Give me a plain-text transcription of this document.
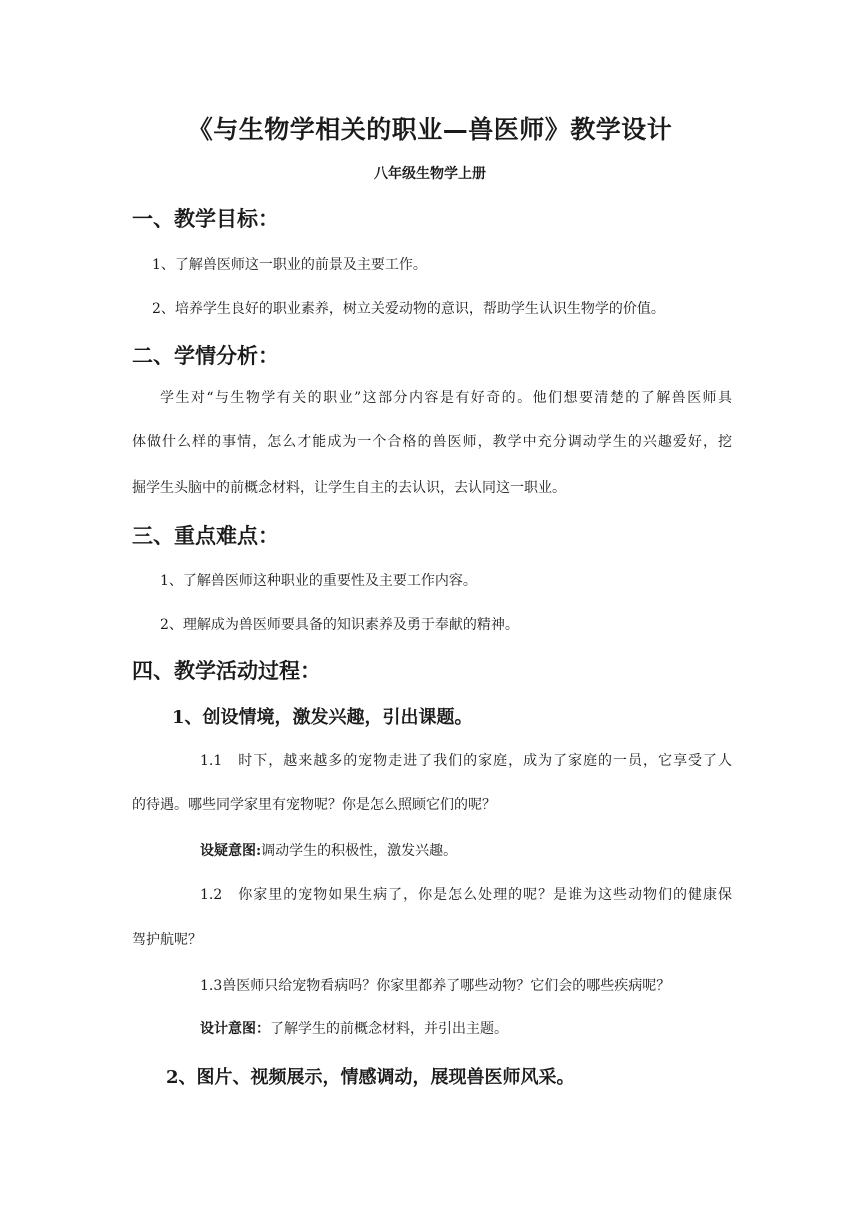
《与生物学相关的职业—兽医师》教学设计
八年级生物学上册
一、教学目标：
1、了解兽医师这一职业的前景及主要工作。
2、培养学生良好的职业素养，树立关爱动物的意识，帮助学生认识生物学的价值。
二、学情分析：
学生对“与生物学有关的职业”这部分内容是有好奇的。他们想要清楚的了解兽医师具
体做什么样的事情，怎么才能成为一个合格的兽医师，教学中充分调动学生的兴趣爱好，挖
掘学生头脑中的前概念材料，让学生自主的去认识，去认同这一职业。
三、重点难点：
1、了解兽医师这种职业的重要性及主要工作内容。
2、理解成为兽医师要具备的知识素养及勇于奉献的精神。
四、教学活动过程：
1、创设情境，激发兴趣，引出课题。
1.1　时下，越来越多的宠物走进了我们的家庭，成为了家庭的一员，它享受了人
的待遇。哪些同学家里有宠物呢？你是怎么照顾它们的呢？
设疑意图:调动学生的积极性，激发兴趣。
1.2　你家里的宠物如果生病了，你是怎么处理的呢？是谁为这些动物们的健康保
驾护航呢？
1.3兽医师只给宠物看病吗？你家里都养了哪些动物？它们会的哪些疾病呢？
设计意图：了解学生的前概念材料，并引出主题。
2、图片、视频展示，情感调动，展现兽医师风采。
